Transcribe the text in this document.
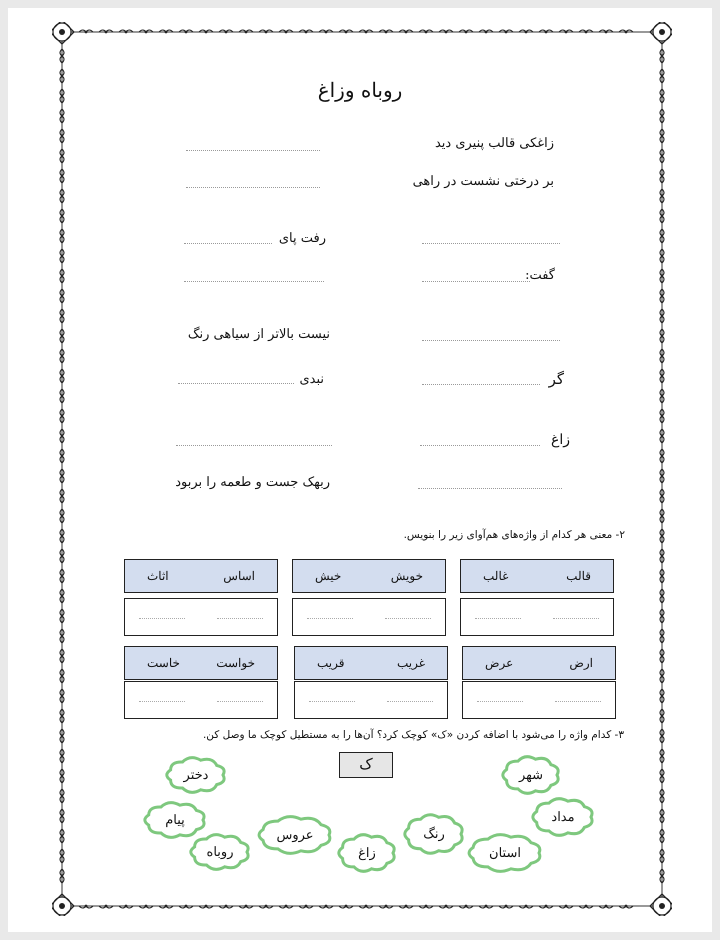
روباه وزاغ
زاغکی قالب پنیری دید
بر درختی نشست در راهی
رفت پای
گفت:
نیست بالاتر از سیاهی رنگ
گر
نبدی
زاغ
ربهک جست و طعمه را بربود
۲- معنی هر کدام از واژه‌های هم‌آوای زیر را بنویس.
قالب
غالب
خویش
خیش
اساس
اثاث
ارض
عرض
غریب
قریب
خواست
خاست
۳- کدام واژه را می‌شود با اضافه کردن «ک» کوچک کرد؟ آن‌ها را به مستطیل کوچک ما وصل کن.
ک
دختر
پیام
روباه
عروس
زاغ
رنگ
استان
مداد
شهر
